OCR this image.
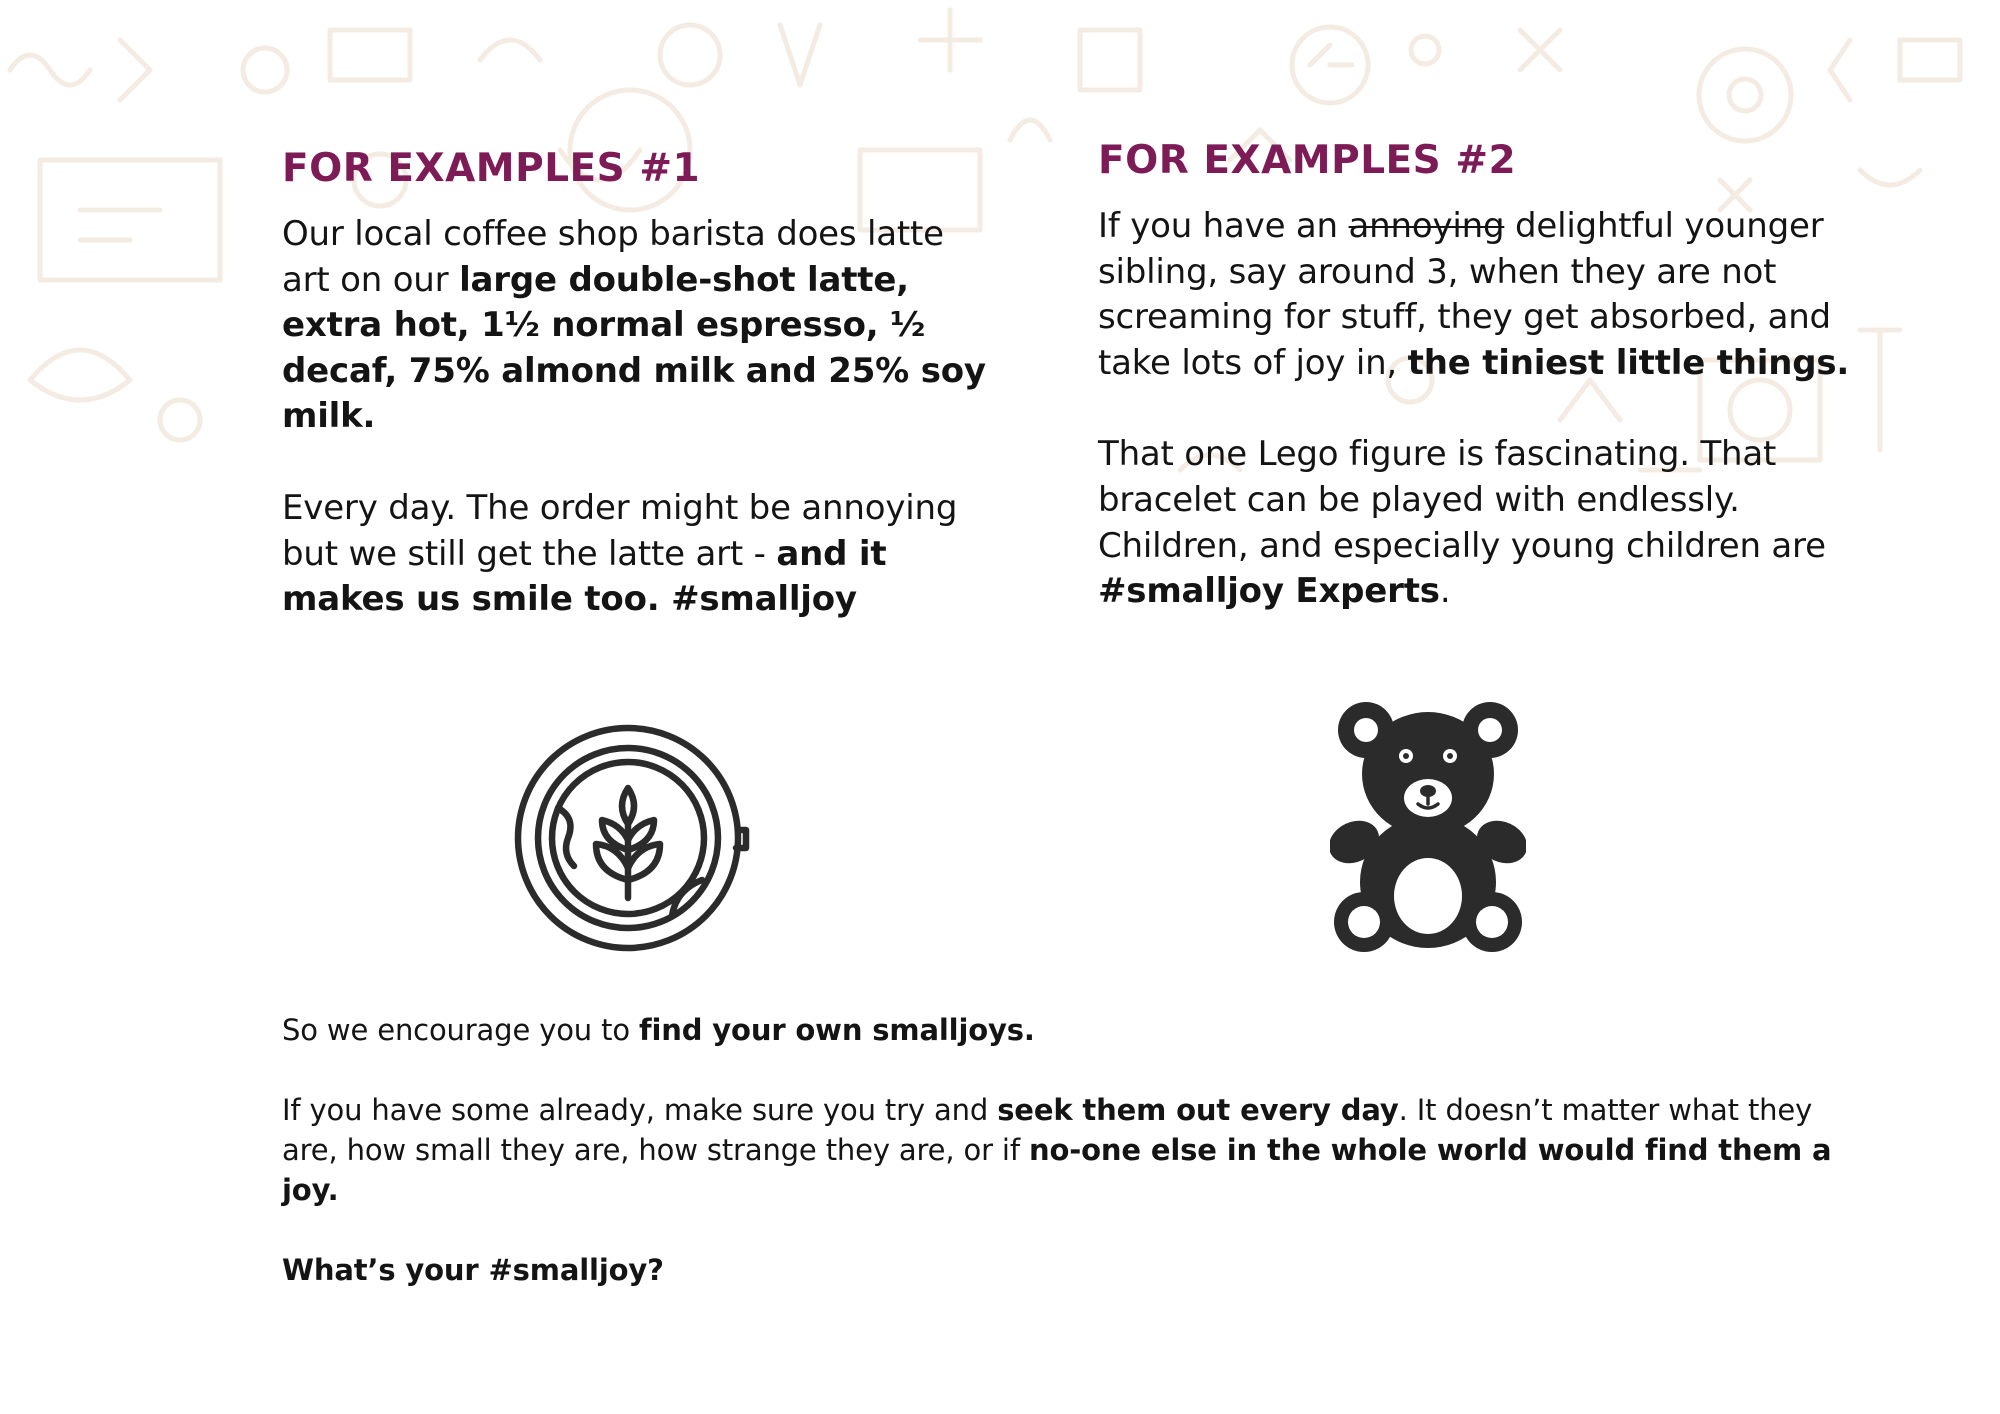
FOR EXAMPLES #1

Our local coffee shop barista does latte art on our large double-shot latte, extra hot, 1½ normal espresso, ½ decaf, 75% almond milk and 25% soy milk.

Every day. The order might be annoying but we still get the latte art - and it makes us smile too. #smalljoy

FOR EXAMPLES #2

If you have an annoying delightful younger sibling, say around 3, when they are not screaming for stuff, they get absorbed, and take lots of joy in, the tiniest little things.

That one Lego figure is fascinating. That bracelet can be played with endlessly. Children, and especially young children are #smalljoy Experts.

So we encourage you to find your own smalljoys.

If you have some already, make sure you try and seek them out every day. It doesn’t matter what they are, how small they are, how strange they are, or if no-one else in the whole world would find them a joy.

What’s your #smalljoy?
